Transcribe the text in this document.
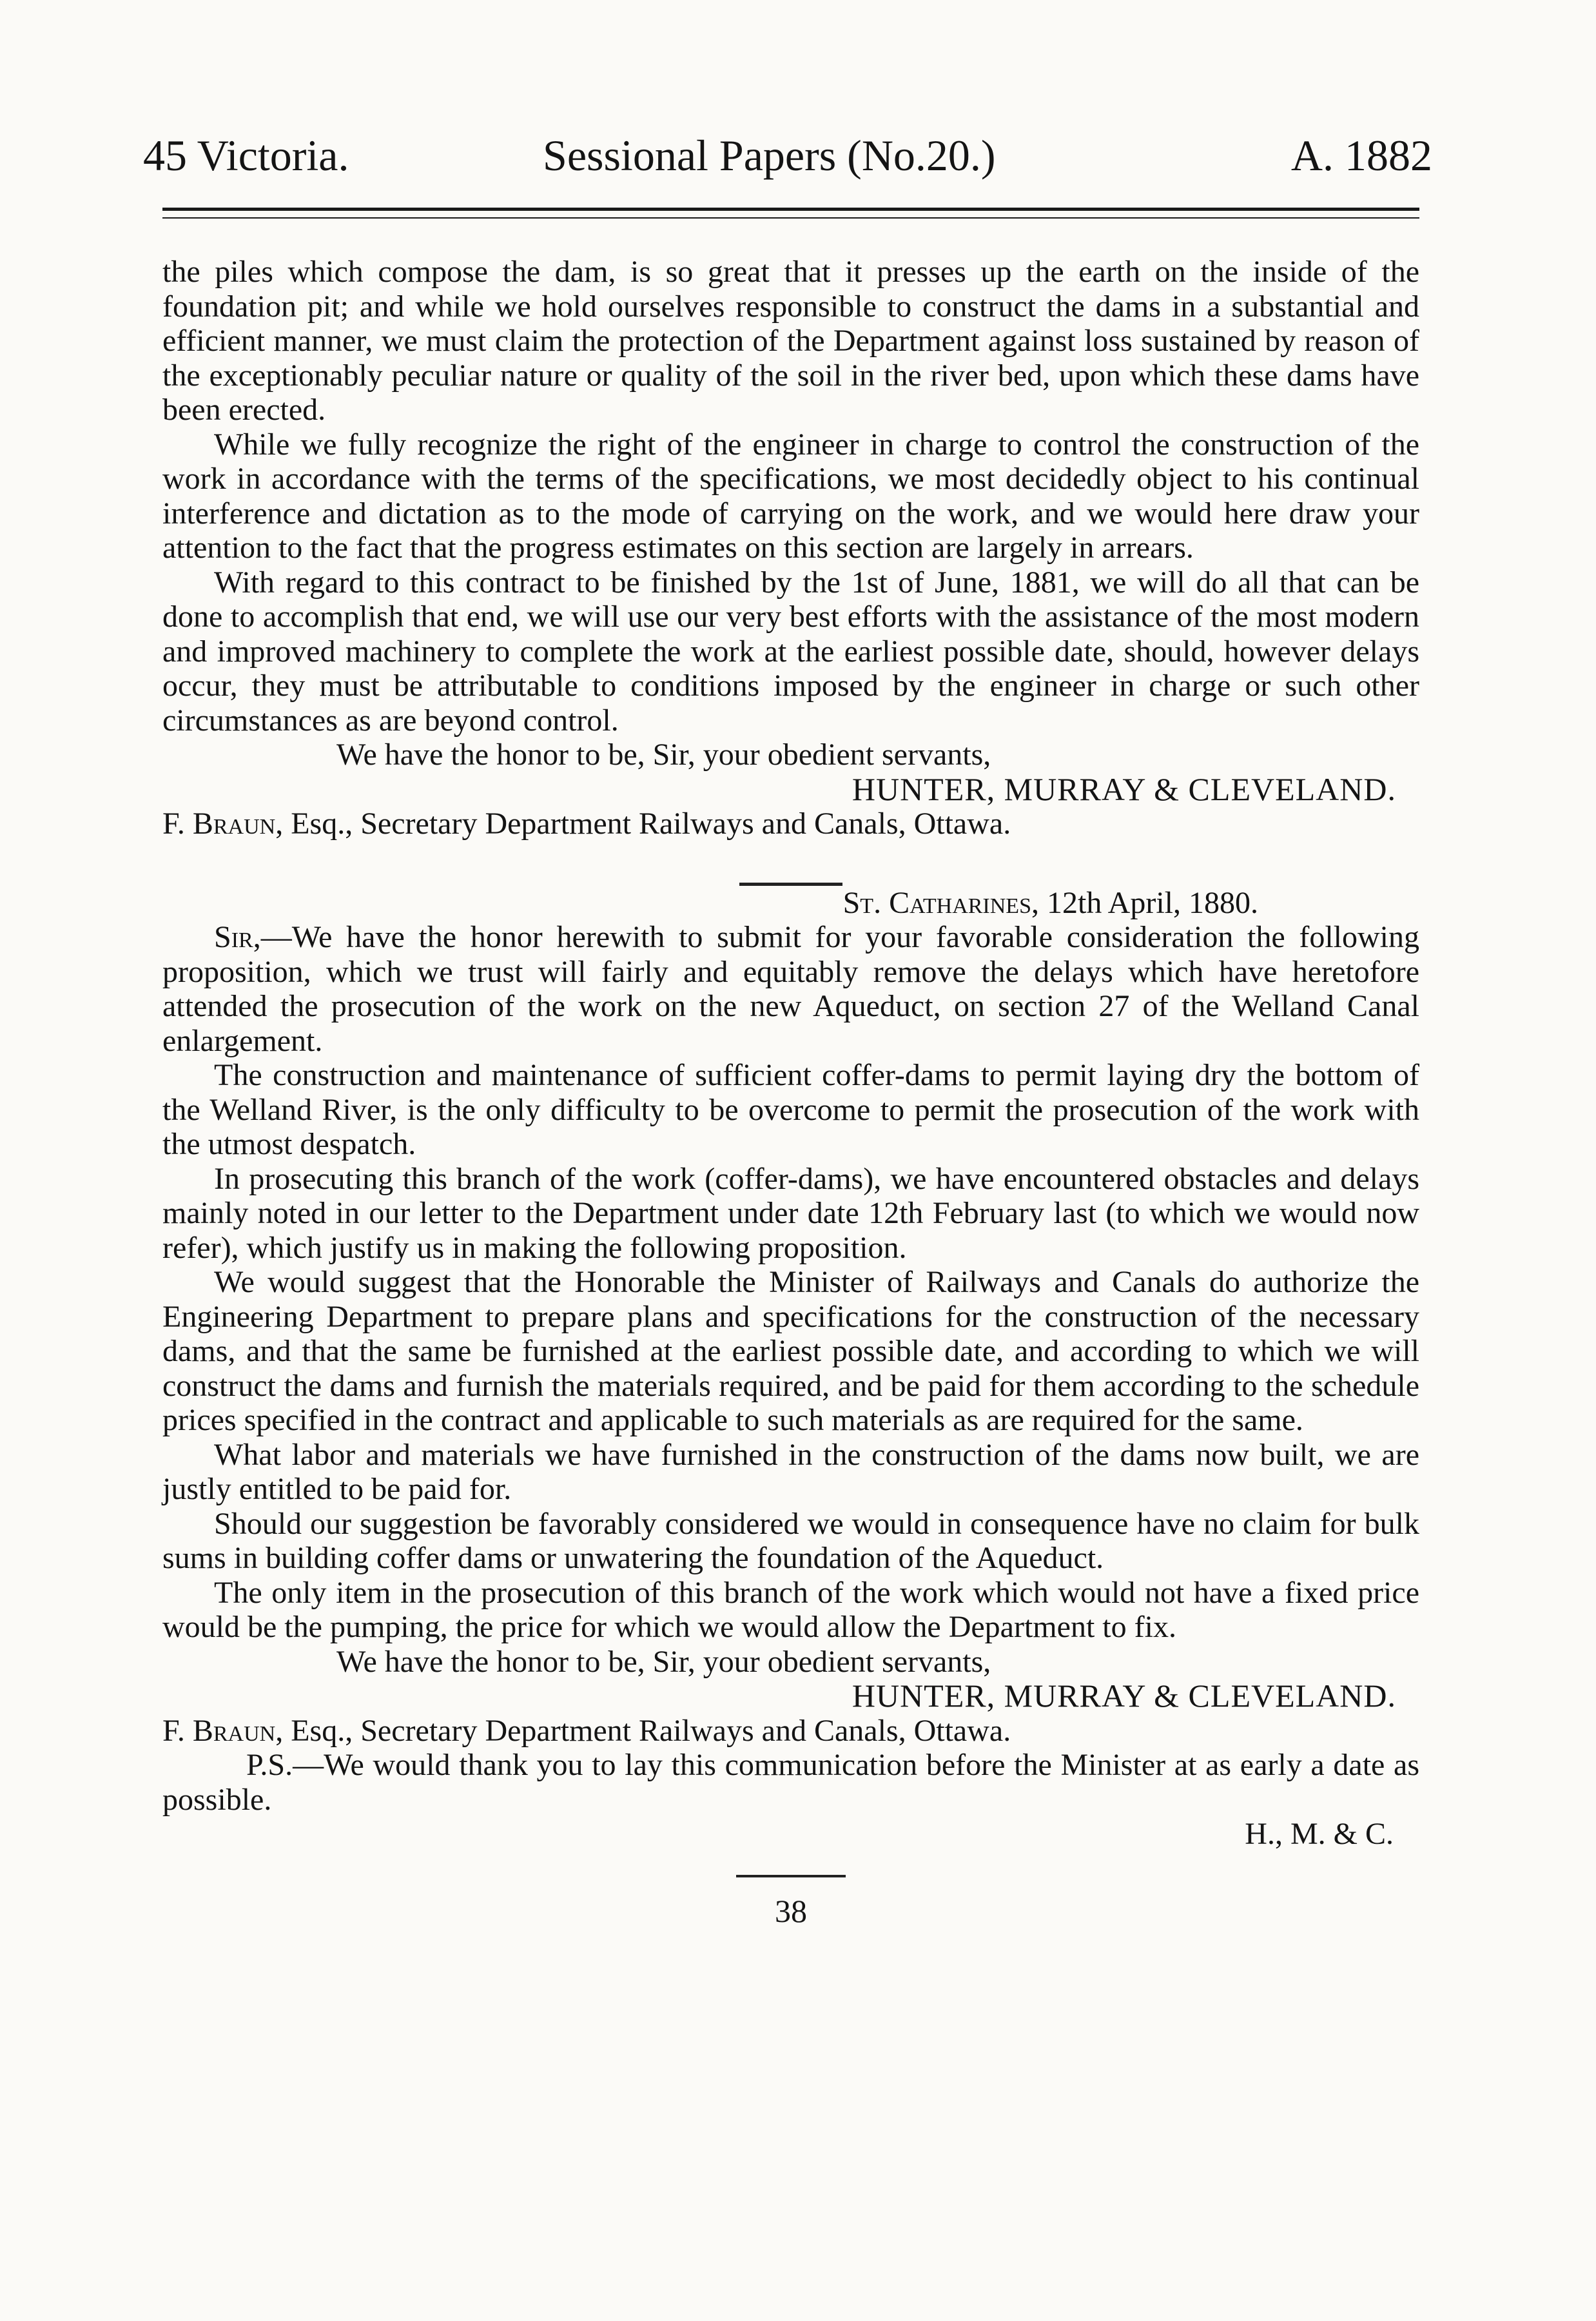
45 Victoria.	Sessional Papers (No.20.)	A. 1882

the piles which compose the dam, is so great that it presses up the earth on the inside of the foundation pit; and while we hold ourselves responsible to construct the dams in a substantial and efficient manner, we must claim the protection of the Department against loss sustained by reason of the exceptionably peculiar nature or quality of the soil in the river bed, upon which these dams have been erected.

While we fully recognize the right of the engineer in charge to control the construction of the work in accordance with the terms of the specifications, we most decidedly object to his continual interference and dictation as to the mode of carrying on the work, and we would here draw your attention to the fact that the progress estimates on this section are largely in arrears.

With regard to this contract to be finished by the 1st of June, 1881, we will do all that can be done to accomplish that end, we will use our very best efforts with the assistance of the most modern and improved machinery to complete the work at the earliest possible date, should, however delays occur, they must be attributable to conditions imposed by the engineer in charge or such other circumstances as are beyond control.

We have the honor to be, Sir, your obedient servants,

HUNTER, MURRAY & CLEVELAND.

F. Braun, Esq., Secretary Department Railways and Canals, Ottawa.

St. Catharines, 12th April, 1880.

Sir,—We have the honor herewith to submit for your favorable consideration the following proposition, which we trust will fairly and equitably remove the delays which have heretofore attended the prosecution of the work on the new Aqueduct, on section 27 of the Welland Canal enlargement.

The construction and maintenance of sufficient coffer-dams to permit laying dry the bottom of the Welland River, is the only difficulty to be overcome to permit the prosecution of the work with the utmost despatch.

In prosecuting this branch of the work (coffer-dams), we have encountered obstacles and delays mainly noted in our letter to the Department under date 12th February last (to which we would now refer), which justify us in making the following proposition.

We would suggest that the Honorable the Minister of Railways and Canals do authorize the Engineering Department to prepare plans and specifications for the construction of the necessary dams, and that the same be furnished at the earliest possible date, and according to which we will construct the dams and furnish the materials required, and be paid for them according to the schedule prices specified in the contract and applicable to such materials as are required for the same.

What labor and materials we have furnished in the construction of the dams now built, we are justly entitled to be paid for.

Should our suggestion be favorably considered we would in consequence have no claim for bulk sums in building coffer dams or unwatering the foundation of the Aqueduct.

The only item in the prosecution of this branch of the work which would not have a fixed price would be the pumping, the price for which we would allow the Department to fix.

We have the honor to be, Sir, your obedient servants,

HUNTER, MURRAY & CLEVELAND.

F. Braun, Esq., Secretary Department Railways and Canals, Ottawa.

P.S.—We would thank you to lay this communication before the Minister at as early a date as possible.

H., M. & C.

38
